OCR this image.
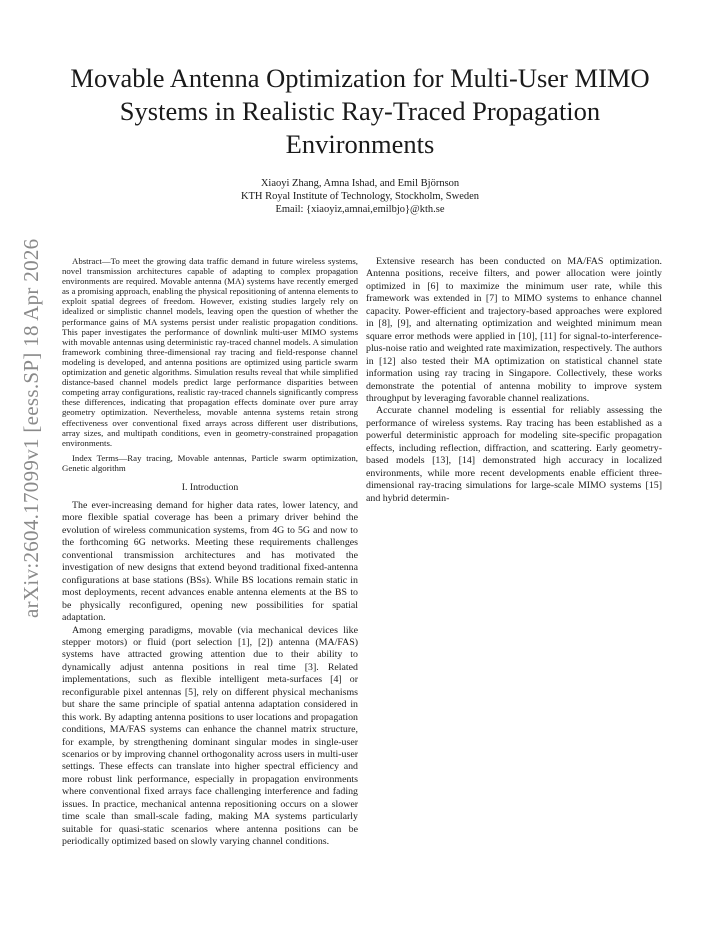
Movable Antenna Optimization for Multi-User MIMO Systems in Realistic Ray-Traced Propagation Environments
Xiaoyi Zhang, Amna Ishad, and Emil Björnson
KTH Royal Institute of Technology, Stockholm, Sweden
Email: {xiaoyiz,amnai,emilbjo}@kth.se
arXiv:2604.17099v1 [eess.SP] 18 Apr 2026	Abstract—To meet the growing data traffic demand in future wireless systems, novel transmission architectures capable of adapting to complex propagation environments are required. Movable antenna (MA) systems have recently emerged as a promising approach, enabling the physical repositioning of antenna elements to exploit spatial degrees of freedom. However, existing studies largely rely on idealized or simplistic channel models, leaving open the question of whether the performance gains of MA systems persist under realistic propagation conditions. This paper investigates the performance of downlink multi-user MIMO systems with movable antennas using deterministic ray-traced channel models. A simulation framework combining three-dimensional ray tracing and field-response channel modeling is developed, and antenna positions are optimized using particle swarm optimization and genetic algorithms. Simulation results reveal that while simplified distance-based channel models predict large performance disparities between competing array configurations, realistic ray-traced channels significantly compress these differences, indicating that propagation effects dominate over pure array geometry optimization. Nevertheless, movable antenna systems retain strong effectiveness over conventional fixed arrays across different user distributions, array sizes, and multipath conditions, even in geometry-constrained propagation environments.

Index Terms—Ray tracing, Movable antennas, Particle swarm optimization, Genetic algorithm

I. Introduction

The ever-increasing demand for higher data rates, lower latency, and more flexible spatial coverage has been a primary driver behind the evolution of wireless communication systems, from 4G to 5G and now to the forthcoming 6G networks. Meeting these requirements challenges conventional transmission architectures and has motivated the investigation of new designs that extend beyond traditional fixed-antenna configurations at base stations (BSs). While BS locations remain static in most deployments, recent advances enable antenna elements at the BS to be physically reconfigured, opening new possibilities for spatial adaptation.

Among emerging paradigms, movable (via mechanical devices like stepper motors) or fluid (port selection [1], [2]) antenna (MA/FAS) systems have attracted growing attention due to their ability to dynamically adjust antenna positions in real time [3]. Related implementations, such as flexible intelligent meta-surfaces [4] or reconfigurable pixel antennas [5], rely on different physical mechanisms but share the same principle of spatial antenna adaptation considered in this work. By adapting antenna positions to user locations and propagation conditions, MA/FAS systems can enhance the channel matrix structure, for example, by strengthening dominant singular modes in single-user scenarios or by improving channel orthogonality across users in multi-user settings. These effects can translate into higher spectral efficiency and more robust link performance, especially in propagation environments where conventional fixed arrays face challenging interference and fading issues. In practice, mechanical antenna repositioning occurs on a slower time scale than small-scale fading, making MA systems particularly suitable for quasi-static scenarios where antenna positions can be periodically optimized based on slowly varying channel conditions.

Extensive research has been conducted on MA/FAS optimization. Antenna positions, receive filters, and power allocation were jointly optimized in [6] to maximize the minimum user rate, while this framework was extended in [7] to MIMO systems to enhance channel capacity. Power-efficient and trajectory-based approaches were explored in [8], [9], and alternating optimization and weighted minimum mean square error methods were applied in [10], [11] for signal-to-interference-plus-noise ratio and weighted rate maximization, respectively. The authors in [12] also tested their MA optimization on statistical channel state information using ray tracing in Singapore. Collectively, these works demonstrate the potential of antenna mobility to improve system throughput by leveraging favorable channel realizations.

Accurate channel modeling is essential for reliably assessing the performance of wireless systems. Ray tracing has been established as a powerful deterministic approach for modeling site-specific propagation effects, including reflection, diffraction, and scattering. Early geometry-based models [13], [14] demonstrated high accuracy in localized environments, while more recent developments enable efficient three-dimensional ray-tracing simulations for large-scale MIMO systems [15] and hybrid determin-
